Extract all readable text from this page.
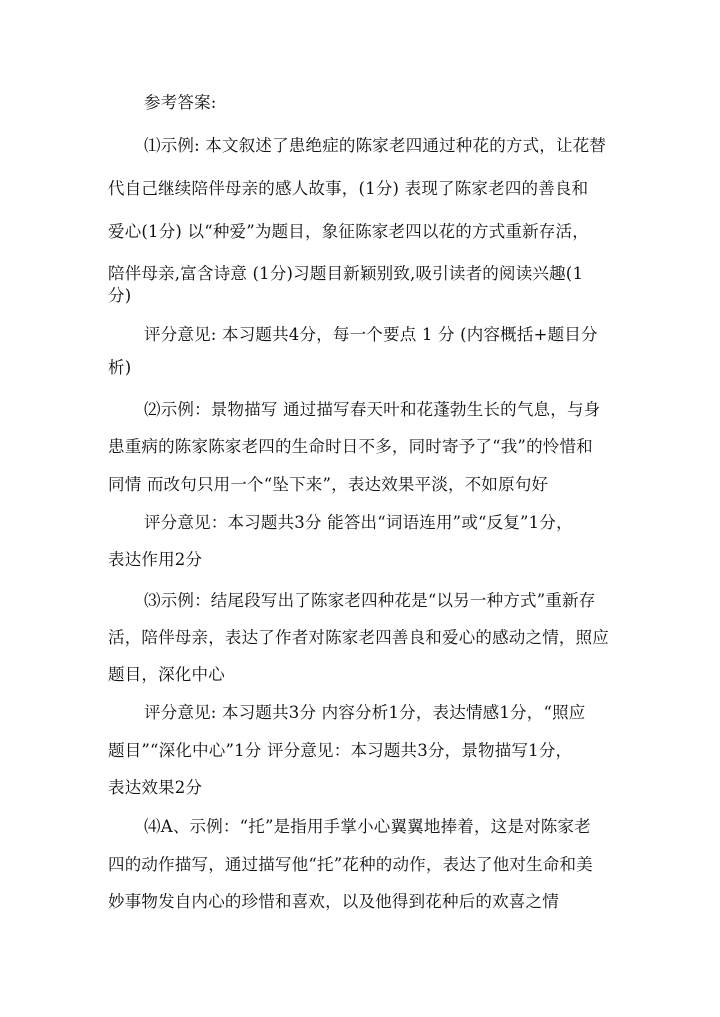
参考答案:
⑴示例: 本文叙述了患绝症的陈家老四通过种花的方式，让花替
代自己继续陪伴母亲的感人故事，(1分) 表现了陈家老四的善良和
爱心(1分) 以“种爱”为题目，象征陈家老四以花的方式重新存活，
陪伴母亲,富含诗意 (1分)习题目新颖别致,吸引读者的阅读兴趣(1
分)
评分意见: 本习题共4分，每一个要点 1 分 (内容概括+题目分
析)
⑵示例：景物描写 通过描写春天叶和花蓬勃生长的气息，与身
患重病的陈家陈家老四的生命时日不多，同时寄予了“我”的怜惜和
同情 而改句只用一个“坠下来”，表达效果平淡，不如原句好
评分意见：本习题共3分 能答出“词语连用”或“反复”1分，
表达作用2分
⑶示例：结尾段写出了陈家老四种花是“以另一种方式”重新存
活，陪伴母亲，表达了作者对陈家老四善良和爱心的感动之情，照应
题目，深化中心
评分意见: 本习题共3分 内容分析1分，表达情感1分，“照应
题目”“深化中心”1分 评分意见：本习题共3分，景物描写1分，
表达效果2分
⑷A、示例：“托”是指用手掌小心翼翼地捧着，这是对陈家老
四的动作描写，通过描写他“托”花种的动作，表达了他对生命和美
妙事物发自内心的珍惜和喜欢，以及他得到花种后的欢喜之情
